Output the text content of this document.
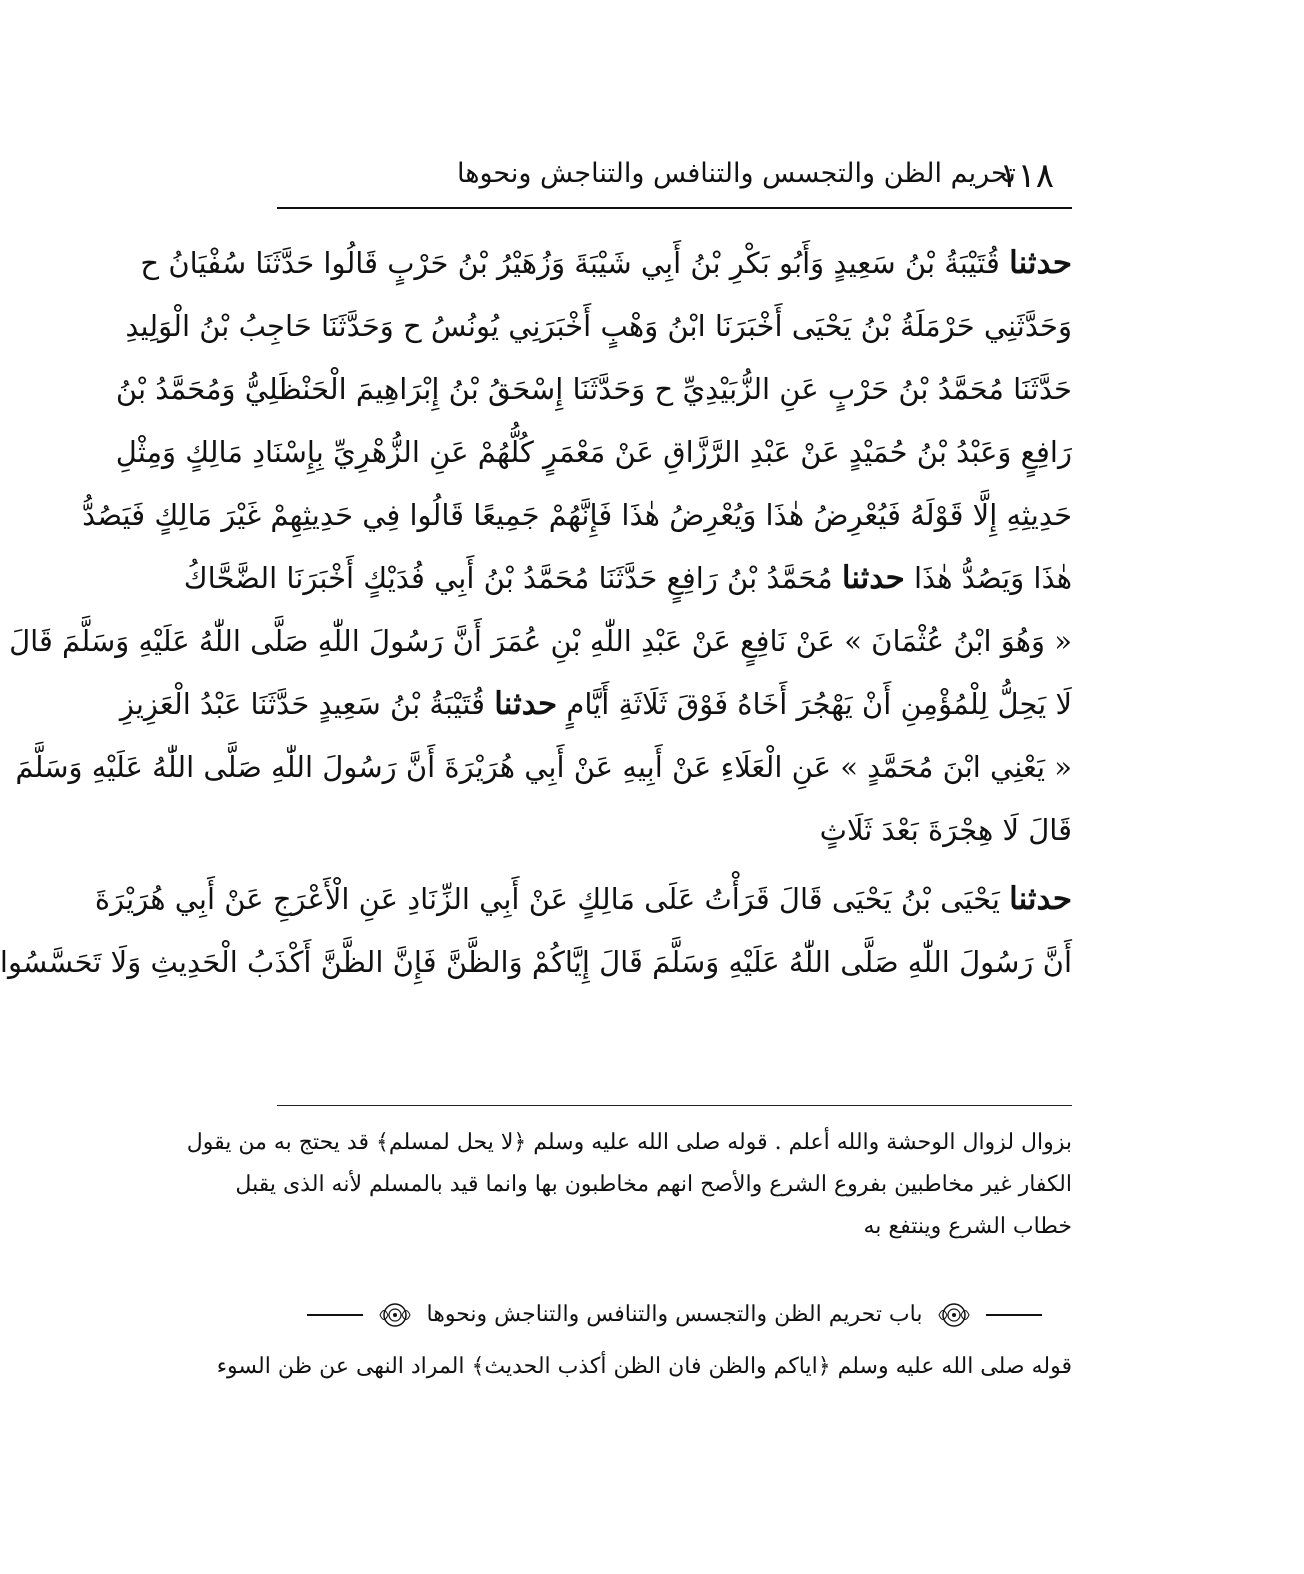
١١٨
تحريم الظن والتجسس والتنافس والتناجش ونحوها
حدثنا قُتَيْبَةُ بْنُ سَعِيدٍ وَأَبُو بَكْرِ بْنُ أَبِي شَيْبَةَ وَزُهَيْرُ بْنُ حَرْبٍ قَالُوا حَدَّثَنَا سُفْيَانُ ح
وَحَدَّثَنِي حَرْمَلَةُ بْنُ يَحْيَى أَخْبَرَنَا ابْنُ وَهْبٍ أَخْبَرَنِي يُونُسُ ح وَحَدَّثَنَا حَاجِبُ بْنُ الْوَلِيدِ
حَدَّثَنَا مُحَمَّدُ بْنُ حَرْبٍ عَنِ الزُّبَيْدِيِّ ح وَحَدَّثَنَا إِسْحَقُ بْنُ إِبْرَاهِيمَ الْحَنْظَلِيُّ وَمُحَمَّدُ بْنُ
رَافِعٍ وَعَبْدُ بْنُ حُمَيْدٍ عَنْ عَبْدِ الرَّزَّاقِ عَنْ مَعْمَرٍ كُلُّهُمْ عَنِ الزُّهْرِيِّ بِإِسْنَادِ مَالِكٍ وَمِثْلِ
حَدِيثِهِ إِلَّا قَوْلَهُ فَيُعْرِضُ هٰذَا وَيُعْرِضُ هٰذَا فَإِنَّهُمْ جَمِيعًا قَالُوا فِي حَدِيثِهِمْ غَيْرَ مَالِكٍ فَيَصُدُّ
هٰذَا وَيَصُدُّ هٰذَا حدثنا مُحَمَّدُ بْنُ رَافِعٍ حَدَّثَنَا مُحَمَّدُ بْنُ أَبِي فُدَيْكٍ أَخْبَرَنَا الضَّحَّاكُ
« وَهُوَ ابْنُ عُثْمَانَ » عَنْ نَافِعٍ عَنْ عَبْدِ اللّٰهِ بْنِ عُمَرَ أَنَّ رَسُولَ اللّٰهِ صَلَّى اللّٰهُ عَلَيْهِ وَسَلَّمَ قَالَ
لَا يَحِلُّ لِلْمُؤْمِنِ أَنْ يَهْجُرَ أَخَاهُ فَوْقَ ثَلَاثَةِ أَيَّامٍ حدثنا قُتَيْبَةُ بْنُ سَعِيدٍ حَدَّثَنَا عَبْدُ الْعَزِيزِ
« يَعْنِي ابْنَ مُحَمَّدٍ » عَنِ الْعَلَاءِ عَنْ أَبِيهِ عَنْ أَبِي هُرَيْرَةَ أَنَّ رَسُولَ اللّٰهِ صَلَّى اللّٰهُ عَلَيْهِ وَسَلَّمَ
قَالَ لَا هِجْرَةَ بَعْدَ ثَلَاثٍ
حدثنا يَحْيَى بْنُ يَحْيَى قَالَ قَرَأْتُ عَلَى مَالِكٍ عَنْ أَبِي الزِّنَادِ عَنِ الْأَعْرَجِ عَنْ أَبِي هُرَيْرَةَ
أَنَّ رَسُولَ اللّٰهِ صَلَّى اللّٰهُ عَلَيْهِ وَسَلَّمَ قَالَ إِيَّاكُمْ وَالظَّنَّ فَإِنَّ الظَّنَّ أَكْذَبُ الْحَدِيثِ وَلَا تَحَسَّسُوا
بزوال لزوال الوحشة والله أعلم . قوله صلى الله عليه وسلم ﴿لا يحل لمسلم﴾ قد يحتج به من يقول
الكفار غير مخاطبين بفروع الشرع والأصح انهم مخاطبون بها وانما قيد بالمسلم لأنه الذى يقبل
خطاب الشرع وينتفع به
باب تحريم الظن والتجسس والتنافس والتناجش ونحوها
قوله صلى الله عليه وسلم ﴿اياكم والظن فان الظن أكذب الحديث﴾ المراد النهى عن ظن السوء
